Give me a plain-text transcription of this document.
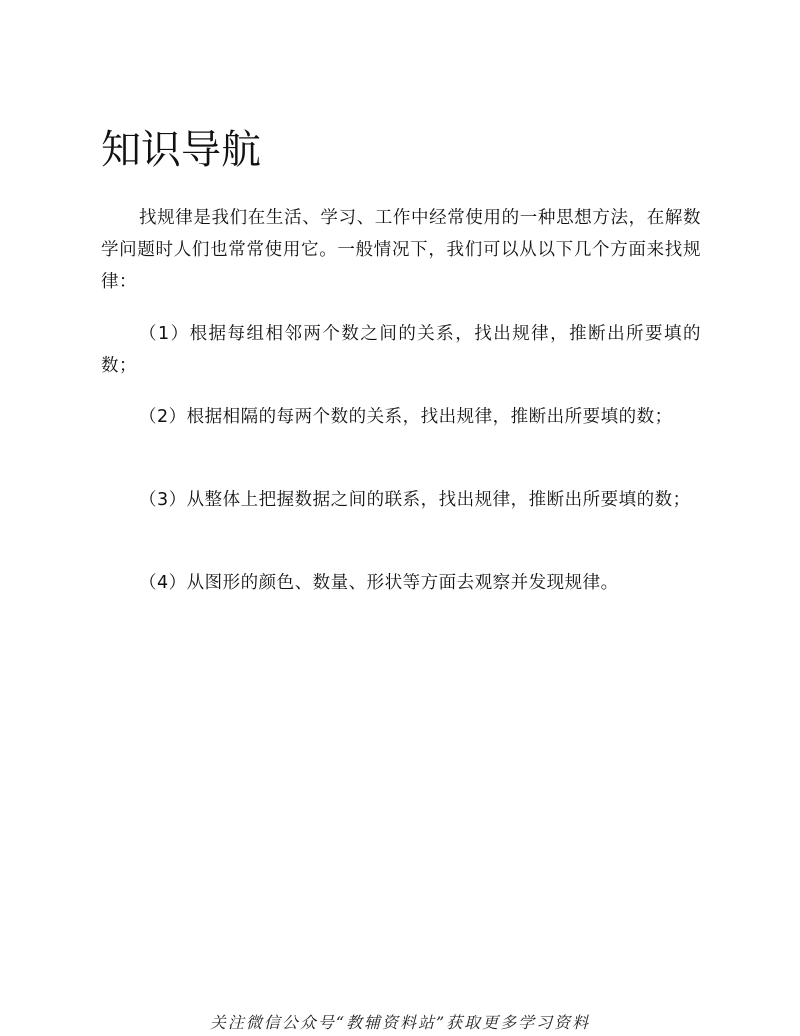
知识导航

找规律是我们在生活、学习、工作中经常使用的一种思想方法，在解数学问题时人们也常常使用它。一般情况下，我们可以从以下几个方面来找规律：

（1）根据每组相邻两个数之间的关系，找出规律，推断出所要填的数；

（2）根据相隔的每两个数的关系，找出规律，推断出所要填的数；

（3）从整体上把握数据之间的联系，找出规律，推断出所要填的数；

（4）从图形的颜色、数量、形状等方面去观察并发现规律。

关注微信公众号“教辅资料站”获取更多学习资料
